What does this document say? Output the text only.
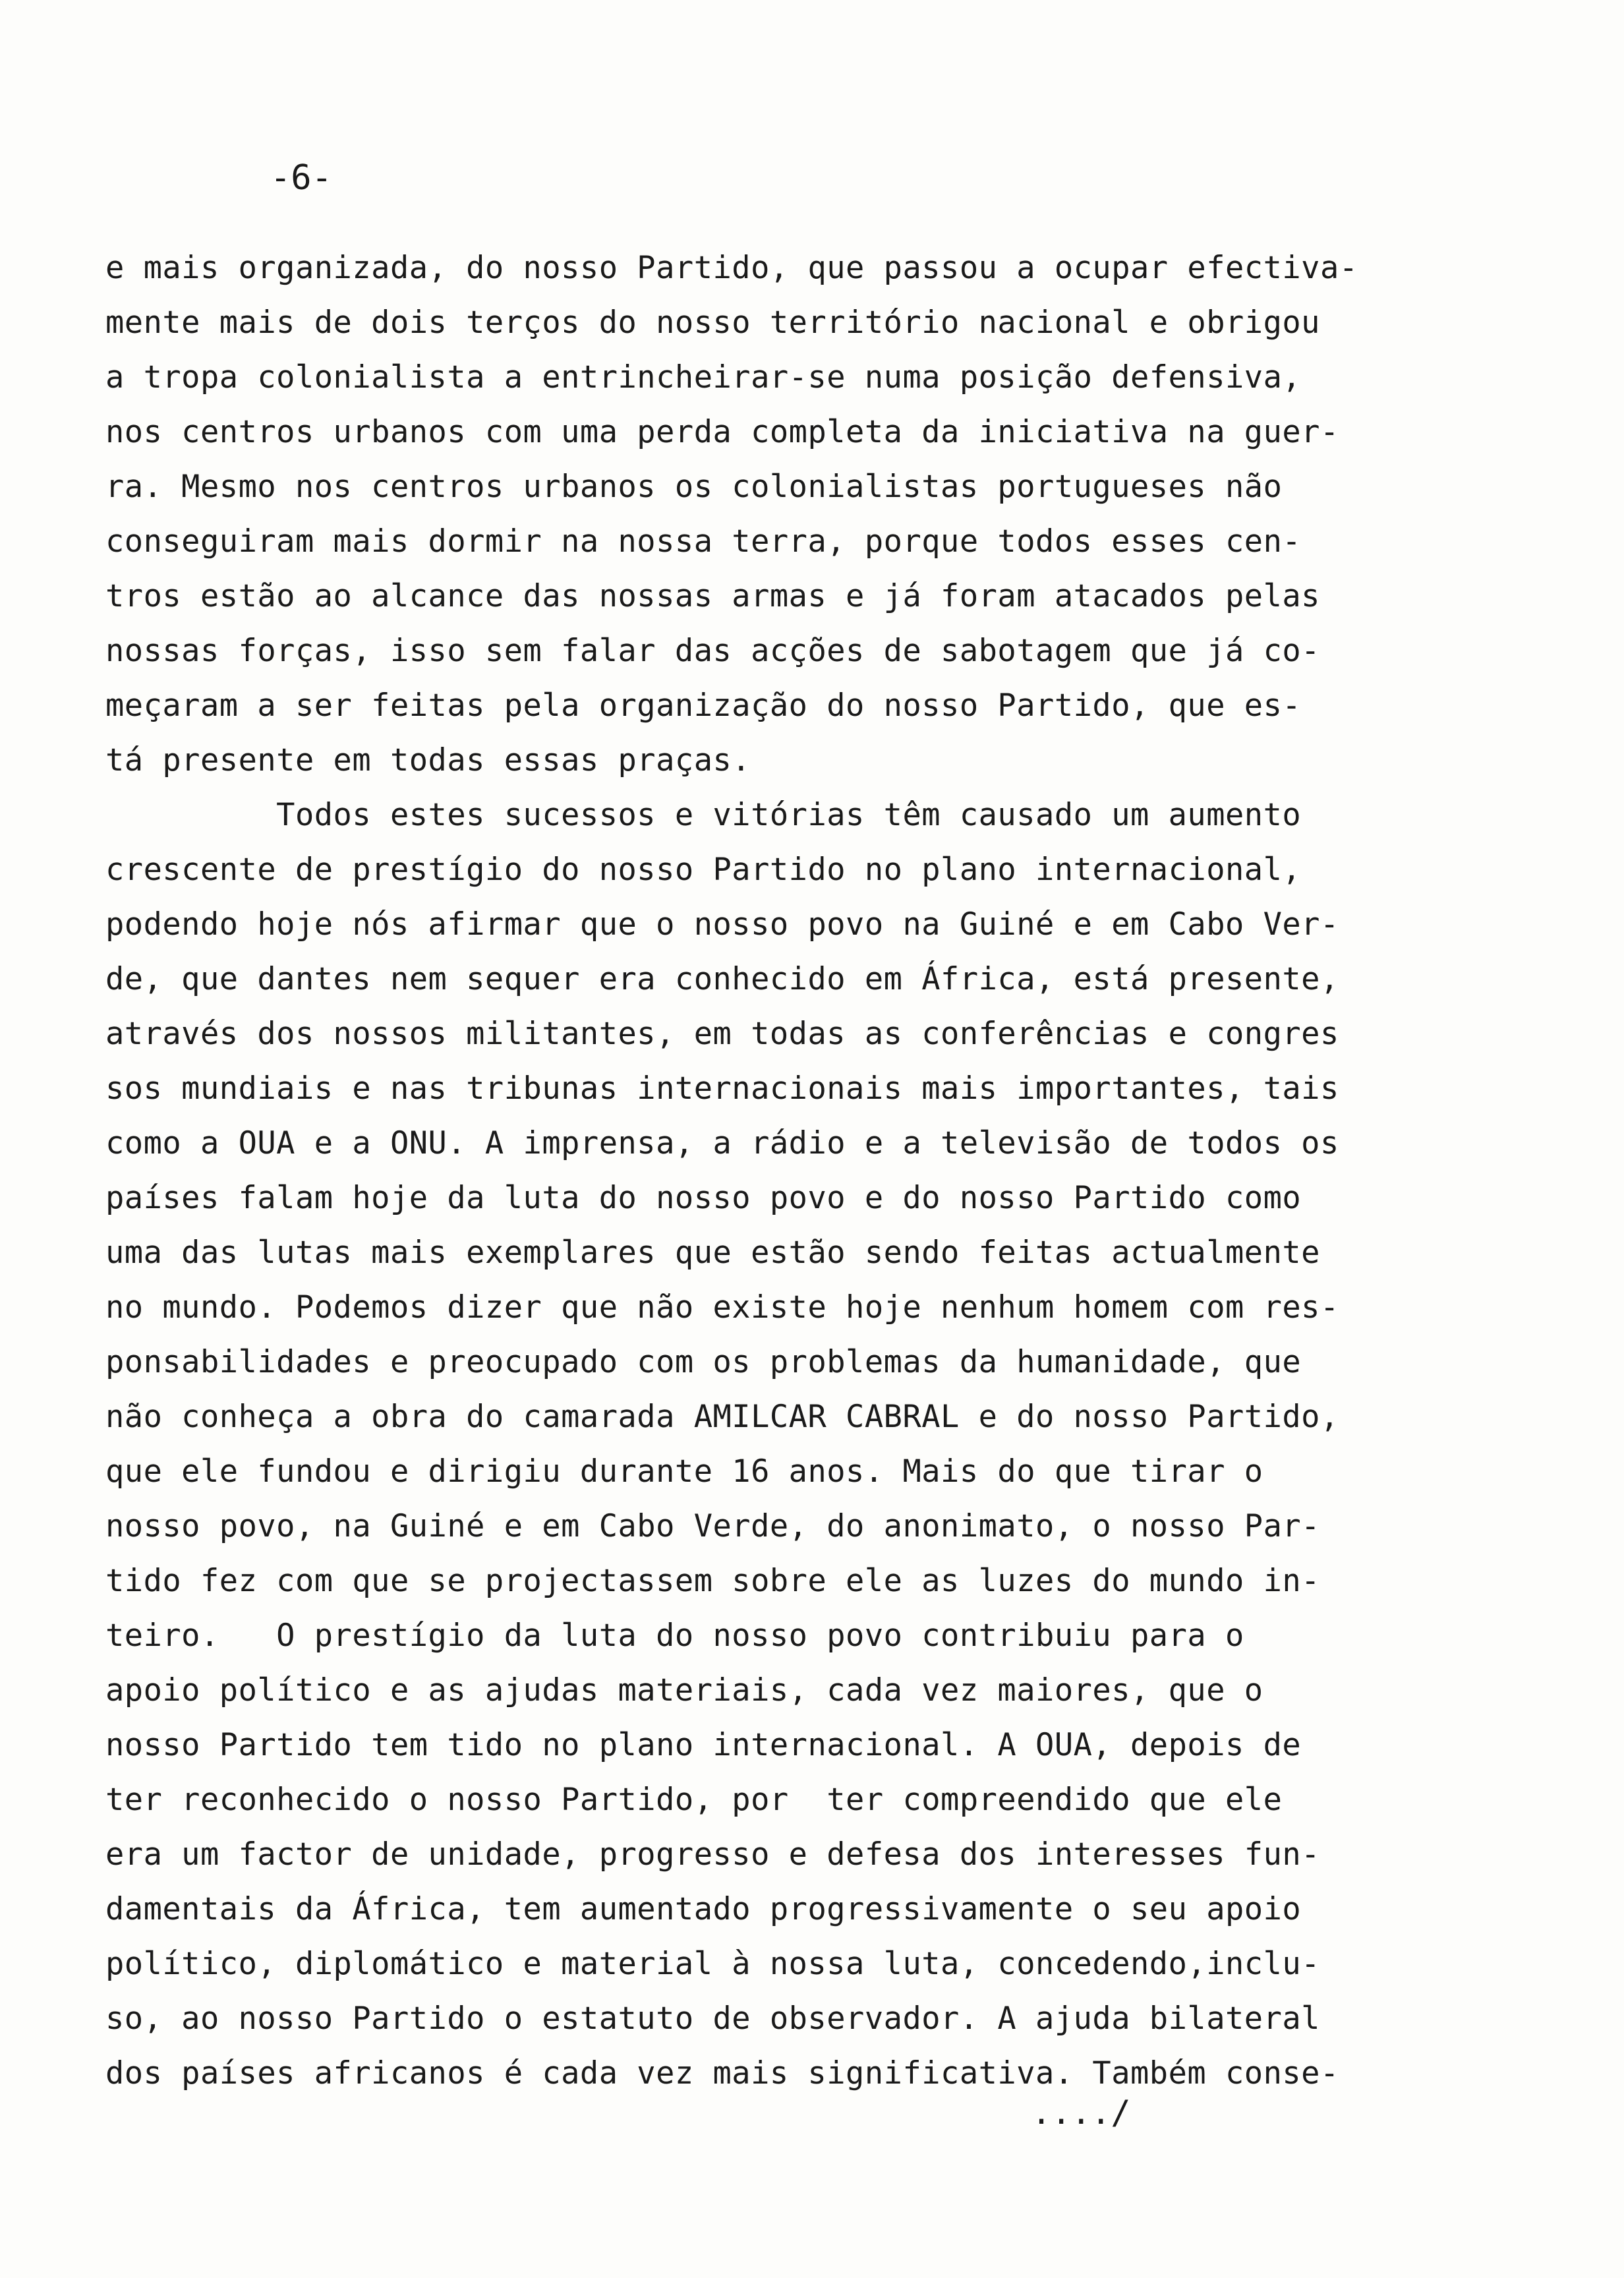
-6-
e mais organizada, do nosso Partido, que passou a ocupar efectiva-
mente mais de dois terços do nosso território nacional e obrigou
a tropa colonialista a entrincheirar-se numa posição defensiva,
nos centros urbanos com uma perda completa da iniciativa na guer-
ra. Mesmo nos centros urbanos os colonialistas portugueses não
conseguiram mais dormir na nossa terra, porque todos esses cen-
tros estão ao alcance das nossas armas e já foram atacados pelas
nossas forças, isso sem falar das acções de sabotagem que já co-
meçaram a ser feitas pela organização do nosso Partido, que es-
tá presente em todas essas praças.
Todos estes sucessos e vitórias têm causado um aumento
crescente de prestígio do nosso Partido no plano internacional,
podendo hoje nós afirmar que o nosso povo na Guiné e em Cabo Ver-
de, que dantes nem sequer era conhecido em África, está presente,
através dos nossos militantes, em todas as conferências e congres
sos mundiais e nas tribunas internacionais mais importantes, tais
como a OUA e a ONU. A imprensa, a rádio e a televisão de todos os
países falam hoje da luta do nosso povo e do nosso Partido como
uma das lutas mais exemplares que estão sendo feitas actualmente
no mundo. Podemos dizer que não existe hoje nenhum homem com res-
ponsabilidades e preocupado com os problemas da humanidade, que
não conheça a obra do camarada AMILCAR CABRAL e do nosso Partido,
que ele fundou e dirigiu durante 16 anos. Mais do que tirar o
nosso povo, na Guiné e em Cabo Verde, do anonimato, o nosso Par-
tido fez com que se projectassem sobre ele as luzes do mundo in-
teiro.   O prestígio da luta do nosso povo contribuiu para o
apoio político e as ajudas materiais, cada vez maiores, que o
nosso Partido tem tido no plano internacional. A OUA, depois de
ter reconhecido o nosso Partido, por  ter compreendido que ele
era um factor de unidade, progresso e defesa dos interesses fun-
damentais da África, tem aumentado progressivamente o seu apoio
político, diplomático e material à nossa luta, concedendo,inclu-
so, ao nosso Partido o estatuto de observador. A ajuda bilateral
dos países africanos é cada vez mais significativa. Também conse-
..../
